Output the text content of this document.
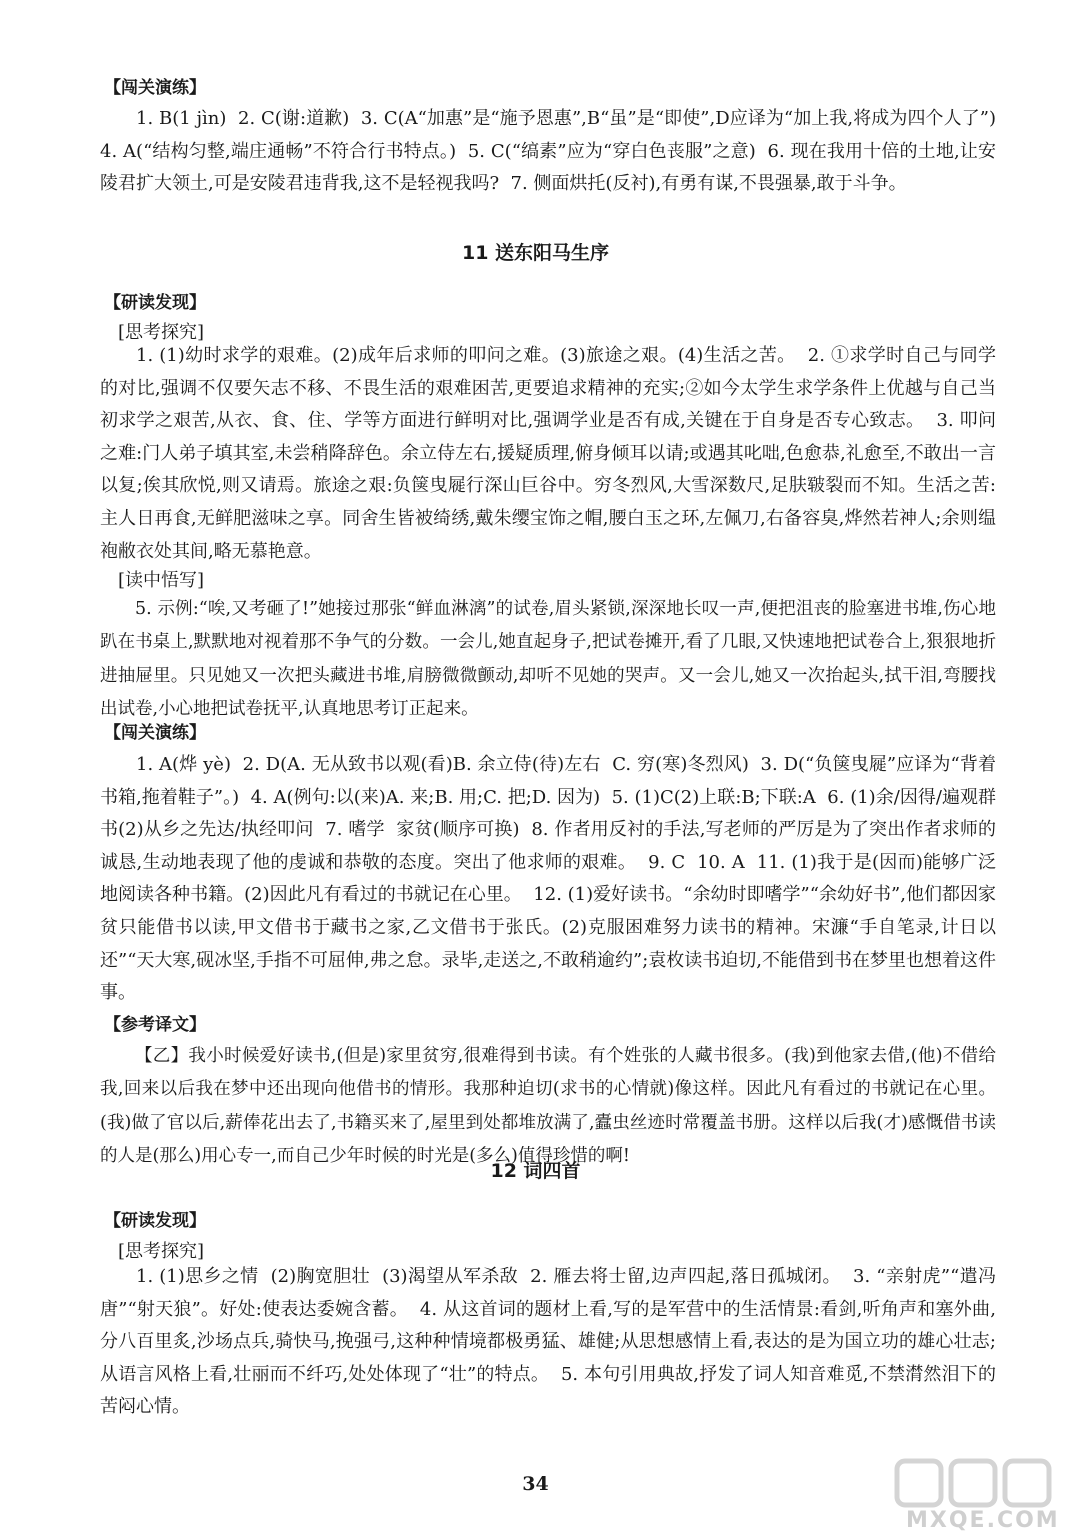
【闯关演练】

1. B(1 jìn)  2. C(谢:道歉)  3. C(A“加惠”是“施予恩惠”,B“虽”是“即使”,D应译为“加上我,将成为四个人了”)  4. A(“结构匀整,端庄通畅”不符合行书特点。)  5. C(“缟素”应为“穿白色丧服”之意)  6. 现在我用十倍的土地,让安陵君扩大领土,可是安陵君违背我,这不是轻视我吗?  7. 侧面烘托(反衬),有勇有谋,不畏强暴,敢于斗争。

11 送东阳马生序
【研读发现】
[思考探究]

1. (1)幼时求学的艰难。(2)成年后求师的叩问之难。(3)旅途之艰。(4)生活之苦。  2. ①求学时自己与同学的对比,强调不仅要矢志不移、不畏生活的艰难困苦,更要追求精神的充实;②如今太学生求学条件上优越与自己当初求学之艰苦,从衣、食、住、学等方面进行鲜明对比,强调学业是否有成,关键在于自身是否专心致志。  3. 叩问之难:门人弟子填其室,未尝稍降辞色。余立侍左右,援疑质理,俯身倾耳以请;或遇其叱咄,色愈恭,礼愈至,不敢出一言以复;俟其欣悦,则又请焉。旅途之艰:负箧曳屣行深山巨谷中。穷冬烈风,大雪深数尺,足肤皲裂而不知。生活之苦:主人日再食,无鲜肥滋味之享。同舍生皆被绮绣,戴朱缨宝饰之帽,腰白玉之环,左佩刀,右备容臭,烨然若神人;余则缊袍敝衣处其间,略无慕艳意。

[读中悟写]

5. 示例:“唉,又考砸了!”她接过那张“鲜血淋漓”的试卷,眉头紧锁,深深地长叹一声,便把沮丧的脸塞进书堆,伤心地趴在书桌上,默默地对视着那不争气的分数。一会儿,她直起身子,把试卷摊开,看了几眼,又快速地把试卷合上,狠狠地折进抽屉里。只见她又一次把头藏进书堆,肩膀微微颤动,却听不见她的哭声。又一会儿,她又一次抬起头,拭干泪,弯腰找出试卷,小心地把试卷抚平,认真地思考订正起来。

【闯关演练】

1. A(烨 yè)  2. D(A. 无从致书以观(看)B. 余立侍(待)左右  C. 穷(寒)冬烈风)  3. D(“负箧曳屣”应译为“背着书箱,拖着鞋子”。)  4. A(例句:以(来)A. 来;B. 用;C. 把;D. 因为)  5. (1)C(2)上联:B;下联:A  6. (1)余/因得/遍观群书(2)从乡之先达/执经叩问  7. 嗜学  家贫(顺序可换)  8. 作者用反衬的手法,写老师的严厉是为了突出作者求师的诚恳,生动地表现了他的虔诚和恭敬的态度。突出了他求师的艰难。  9. C  10. A  11. (1)我于是(因而)能够广泛地阅读各种书籍。(2)因此凡有看过的书就记在心里。  12. (1)爱好读书。“余幼时即嗜学”“余幼好书”,他们都因家贫只能借书以读,甲文借书于藏书之家,乙文借书于张氏。(2)克服困难努力读书的精神。宋濂“手自笔录,计日以还”“天大寒,砚冰坚,手指不可屈伸,弗之怠。录毕,走送之,不敢稍逾约”;袁枚读书迫切,不能借到书在梦里也想着这件事。

【参考译文】

【乙】我小时候爱好读书,(但是)家里贫穷,很难得到书读。有个姓张的人藏书很多。(我)到他家去借,(他)不借给我,回来以后我在梦中还出现向他借书的情形。我那种迫切(求书的心情就)像这样。因此凡有看过的书就记在心里。(我)做了官以后,薪俸花出去了,书籍买来了,屋里到处都堆放满了,蠹虫丝迹时常覆盖书册。这样以后我(才)感慨借书读的人是(那么)用心专一,而自己少年时候的时光是(多么)值得珍惜的啊!

12 词四首
【研读发现】
[思考探究]

1. (1)思乡之情  (2)胸宽胆壮  (3)渴望从军杀敌  2. 雁去将士留,边声四起,落日孤城闭。  3. “亲射虎”“遣冯唐”“射天狼”。好处:使表达委婉含蓄。  4. 从这首词的题材上看,写的是军营中的生活情景:看剑,听角声和塞外曲,分八百里炙,沙场点兵,骑快马,挽强弓,这种种情境都极勇猛、雄健;从思想感情上看,表达的是为国立功的雄心壮志;从语言风格上看,壮丽而不纤巧,处处体现了“壮”的特点。  5. 本句引用典故,抒发了词人知音难觅,不禁潸然泪下的苦闷心情。

34
MXQE.COM
